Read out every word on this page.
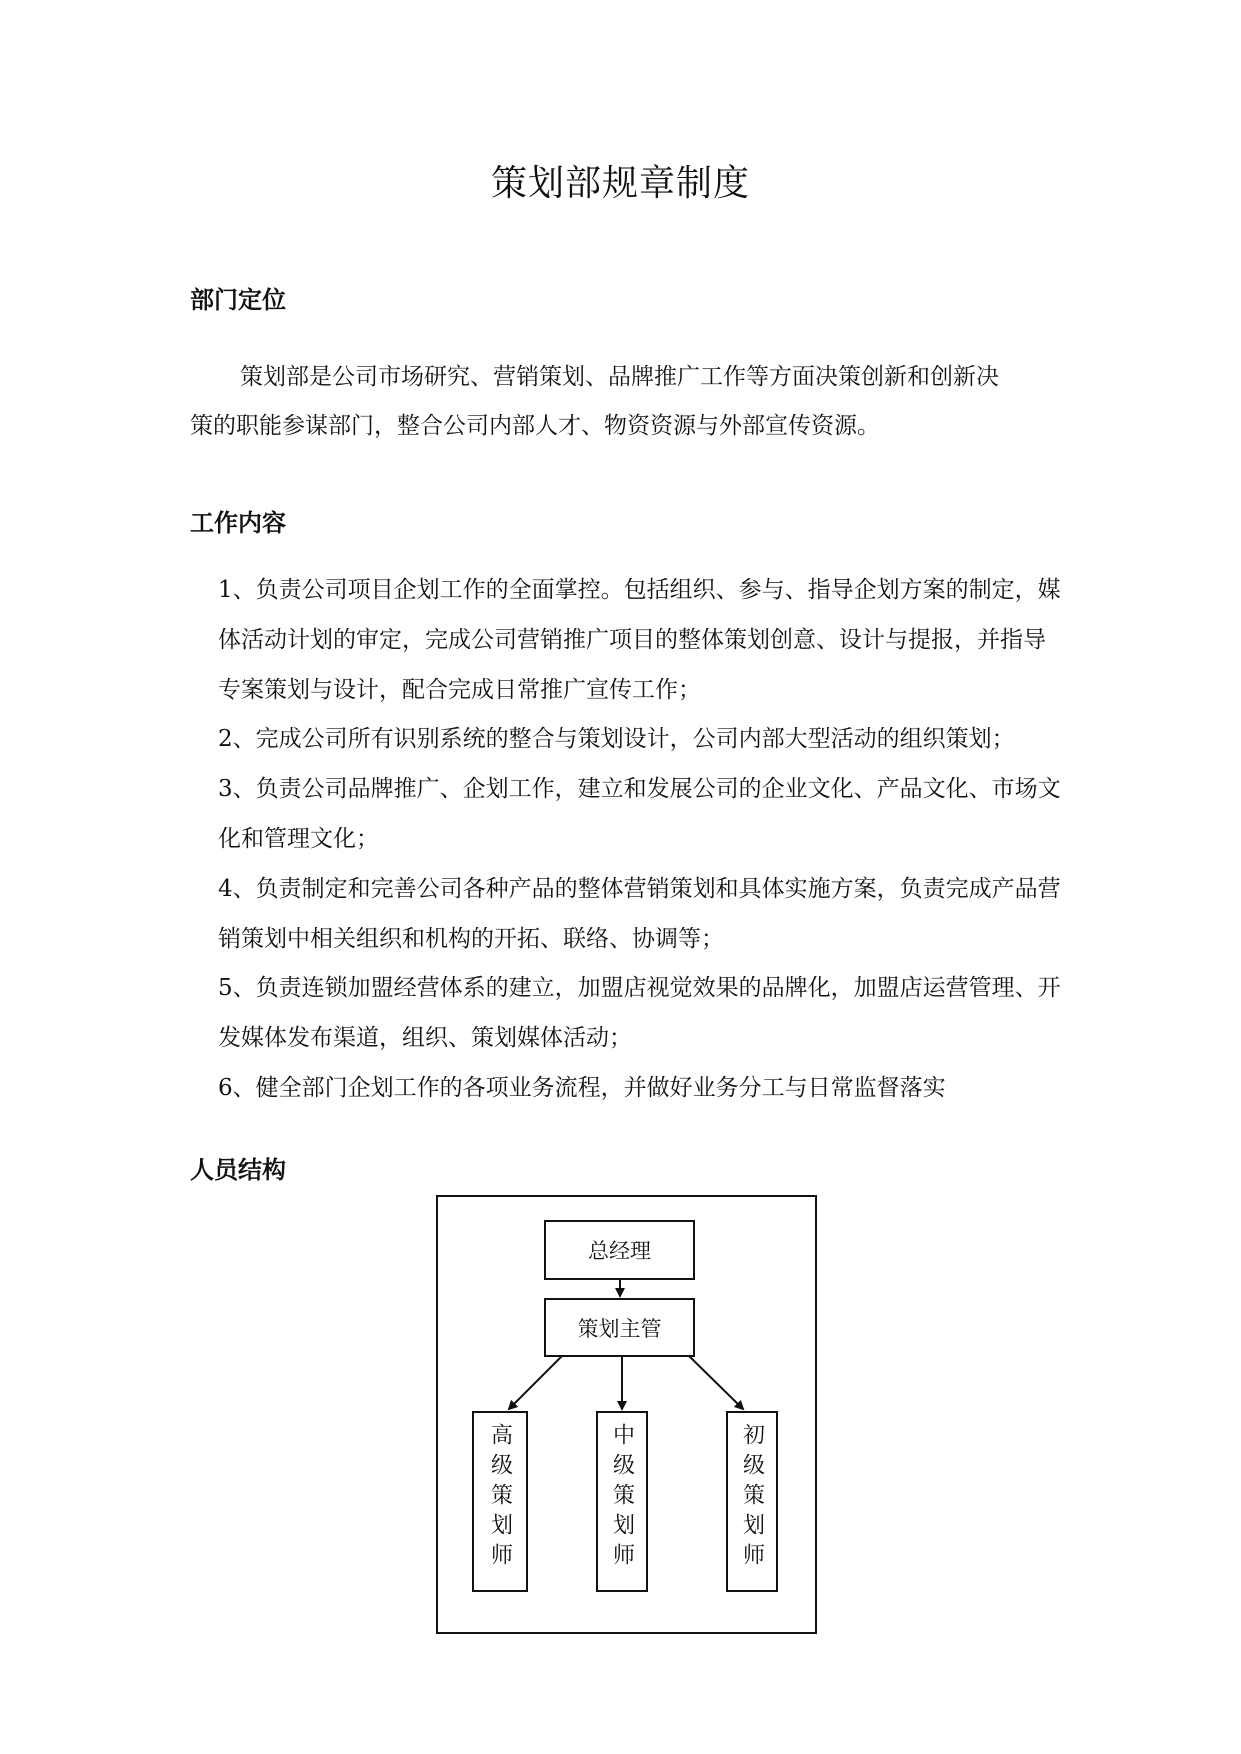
策划部规章制度
部门定位
策划部是公司市场研究、营销策划、品牌推广工作等方面决策创新和创新决
策的职能参谋部门，整合公司内部人才、物资资源与外部宣传资源。
工作内容
1、负责公司项目企划工作的全面掌控。包括组织、参与、指导企划方案的制定，媒体活动计划的审定，完成公司营销推广项目的整体策划创意、设计与提报，并指导专案策划与设计，配合完成日常推广宣传工作；
2、完成公司所有识别系统的整合与策划设计，公司内部大型活动的组织策划；
3、负责公司品牌推广、企划工作，建立和发展公司的企业文化、产品文化、市场文化和管理文化；
4、负责制定和完善公司各种产品的整体营销策划和具体实施方案，负责完成产品营销策划中相关组织和机构的开拓、联络、协调等；
5、负责连锁加盟经营体系的建立，加盟店视觉效果的品牌化，加盟店运营管理、开发媒体发布渠道，组织、策划媒体活动；
6、健全部门企划工作的各项业务流程，并做好业务分工与日常监督落实
人员结构
总经理
策划主管
高级策划师	中级策划师	初级策划师
